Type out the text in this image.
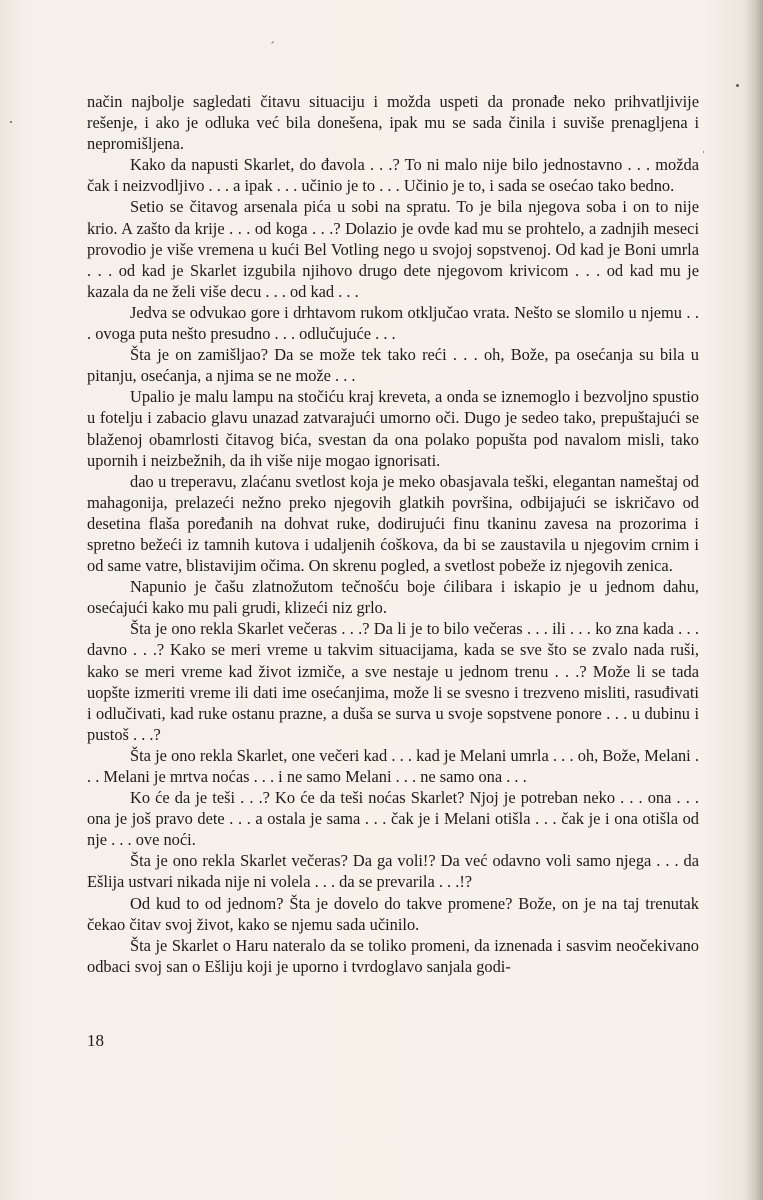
način najbolje sagledati čitavu situaciju i možda uspeti da pronađe neko prihvatljivije rešenje, i ako je odluka već bila donešena, ipak mu se sada činila i suviše prenagljena i nepromišljena.

Kako da napusti Skarlet, do đavola . . .? To ni malo nije bilo jednostavno . . . možda čak i neizvodljivo . . . a ipak . . . učinio je to . . . Učinio je to, i sada se osećao tako bedno.

Setio se čitavog arsenala pića u sobi na spratu. To je bila njegova soba i on to nije krio. A zašto da krije . . . od koga . . .? Dolazio je ovde kad mu se prohtelo, a zadnjih meseci provodio je više vremena u kući Bel Votling nego u svojoj sopstvenoj. Od kad je Boni umrla . . . od kad je Skarlet izgubila njihovo drugo dete njegovom krivicom . . . od kad mu je kazala da ne želi više decu . . . od kad . . .

Jedva se odvukao gore i drhtavom rukom otključao vrata. Nešto se slomilo u njemu . . . ovoga puta nešto presudno . . . odlučujuće . . .

Šta je on zamišljao? Da se može tek tako reći . . . oh, Bože, pa osećanja su bila u pitanju, osećanja, a njima se ne može . . .

Upalio je malu lampu na stočiću kraj kreveta, a onda se iznemoglo i bezvoljno spustio u fotelju i zabacio glavu unazad zatvarajući umorno oči. Dugo je sedeo tako, prepuštajući se blaženoj obamrlosti čitavog bića, svestan da ona polako popušta pod navalom misli, tako upornih i neizbežnih, da ih više nije mogao ignorisati.

dao u treperavu, zlaćanu svetlost koja je meko obasjavala teški, elegantan nameštaj od mahagonija, prelazeći nežno preko njegovih glatkih površina, odbijajući se iskričavo od desetina flaša poređanih na dohvat ruke, dodirujući finu tkaninu zavesa na prozorima i spretno bežeći iz tamnih kutova i udaljenih ćoškova, da bi se zaustavila u njegovim crnim i od same vatre, blistavijim očima. On skrenu pogled, a svetlost pobeže iz njegovih zenica.

Napunio je čašu zlatnožutom tečnošću boje ćilibara i iskapio je u jednom dahu, osećajući kako mu pali grudi, klizeći niz grlo.

Šta je ono rekla Skarlet večeras . . .? Da li je to bilo večeras . . . ili . . . ko zna kada . . . davno . . .? Kako se meri vreme u takvim situacijama, kada se sve što se zvalo nada ruši, kako se meri vreme kad život izmiče, a sve nestaje u jednom trenu . . .? Može li se tada uopšte izmeriti vreme ili dati ime osećanjima, može li se svesno i trezveno misliti, rasuđivati i odlučivati, kad ruke ostanu prazne, a duša se surva u svoje sopstvene ponore . . . u dubinu i pustoš . . .?

Šta je ono rekla Skarlet, one večeri kad . . . kad je Melani umrla . . . oh, Bože, Melani . . . Melani je mrtva noćas . . . i ne samo Melani . . . ne samo ona . . .

Ko će da je teši . . .? Ko će da teši noćas Skarlet? Njoj je potreban neko . . . ona . . . ona je još pravo dete . . . a ostala je sama . . . čak je i Melani otišla . . . čak je i ona otišla od nje . . . ove noći.

Šta je ono rekla Skarlet večeras? Da ga voli!? Da već odavno voli samo njega . . . da Ešlija ustvari nikada nije ni volela . . . da se prevarila . . .!?

Od kud to od jednom? Šta je dovelo do takve promene? Bože, on je na taj trenutak čekao čitav svoj život, kako se njemu sada učinilo.

Šta je Skarlet o Haru nateralo da se toliko promeni, da iznenada i sasvim neočekivano odbaci svoj san o Ešliju koji je uporno i tvrdoglavo sanjala godi-

18
